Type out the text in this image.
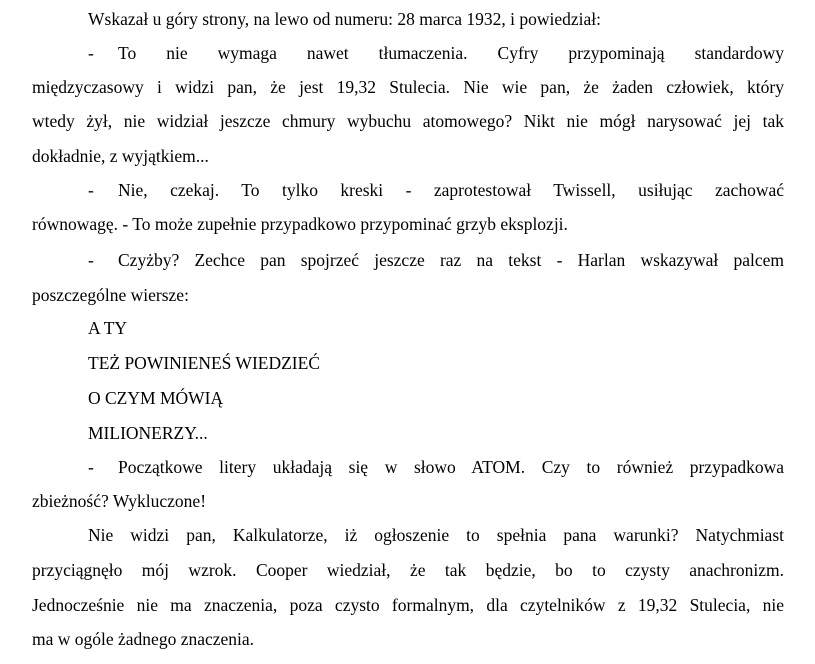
Wskazał u góry strony, na lewo od numeru: 28 marca 1932, i powiedział:
- To nie wymaga nawet tłumaczenia. Cyfry przypominają standardowy
międzyczasowy i widzi pan, że jest 19,32 Stulecia. Nie wie pan, że żaden człowiek, który
wtedy żył, nie widział jeszcze chmury wybuchu atomowego? Nikt nie mógł narysować jej tak
dokładnie, z wyjątkiem...
- Nie, czekaj. To tylko kreski - zaprotestował Twissell, usiłując zachować
równowagę. - To może zupełnie przypadkowo przypominać grzyb eksplozji.
- Czyżby? Zechce pan spojrzeć jeszcze raz na tekst - Harlan wskazywał palcem
poszczególne wiersze:
A TY
TEŻ POWINIENEŚ WIEDZIEĆ
O CZYM MÓWIĄ
MILIONERZY...
- Początkowe litery układają się w słowo ATOM. Czy to również przypadkowa
zbieżność? Wykluczone!
Nie widzi pan, Kalkulatorze, iż ogłoszenie to spełnia pana warunki? Natychmiast
przyciągnęło mój wzrok. Cooper wiedział, że tak będzie, bo to czysty anachronizm.
Jednocześnie nie ma znaczenia, poza czysto formalnym, dla czytelników z 19,32 Stulecia, nie
ma w ogóle żadnego znaczenia.
